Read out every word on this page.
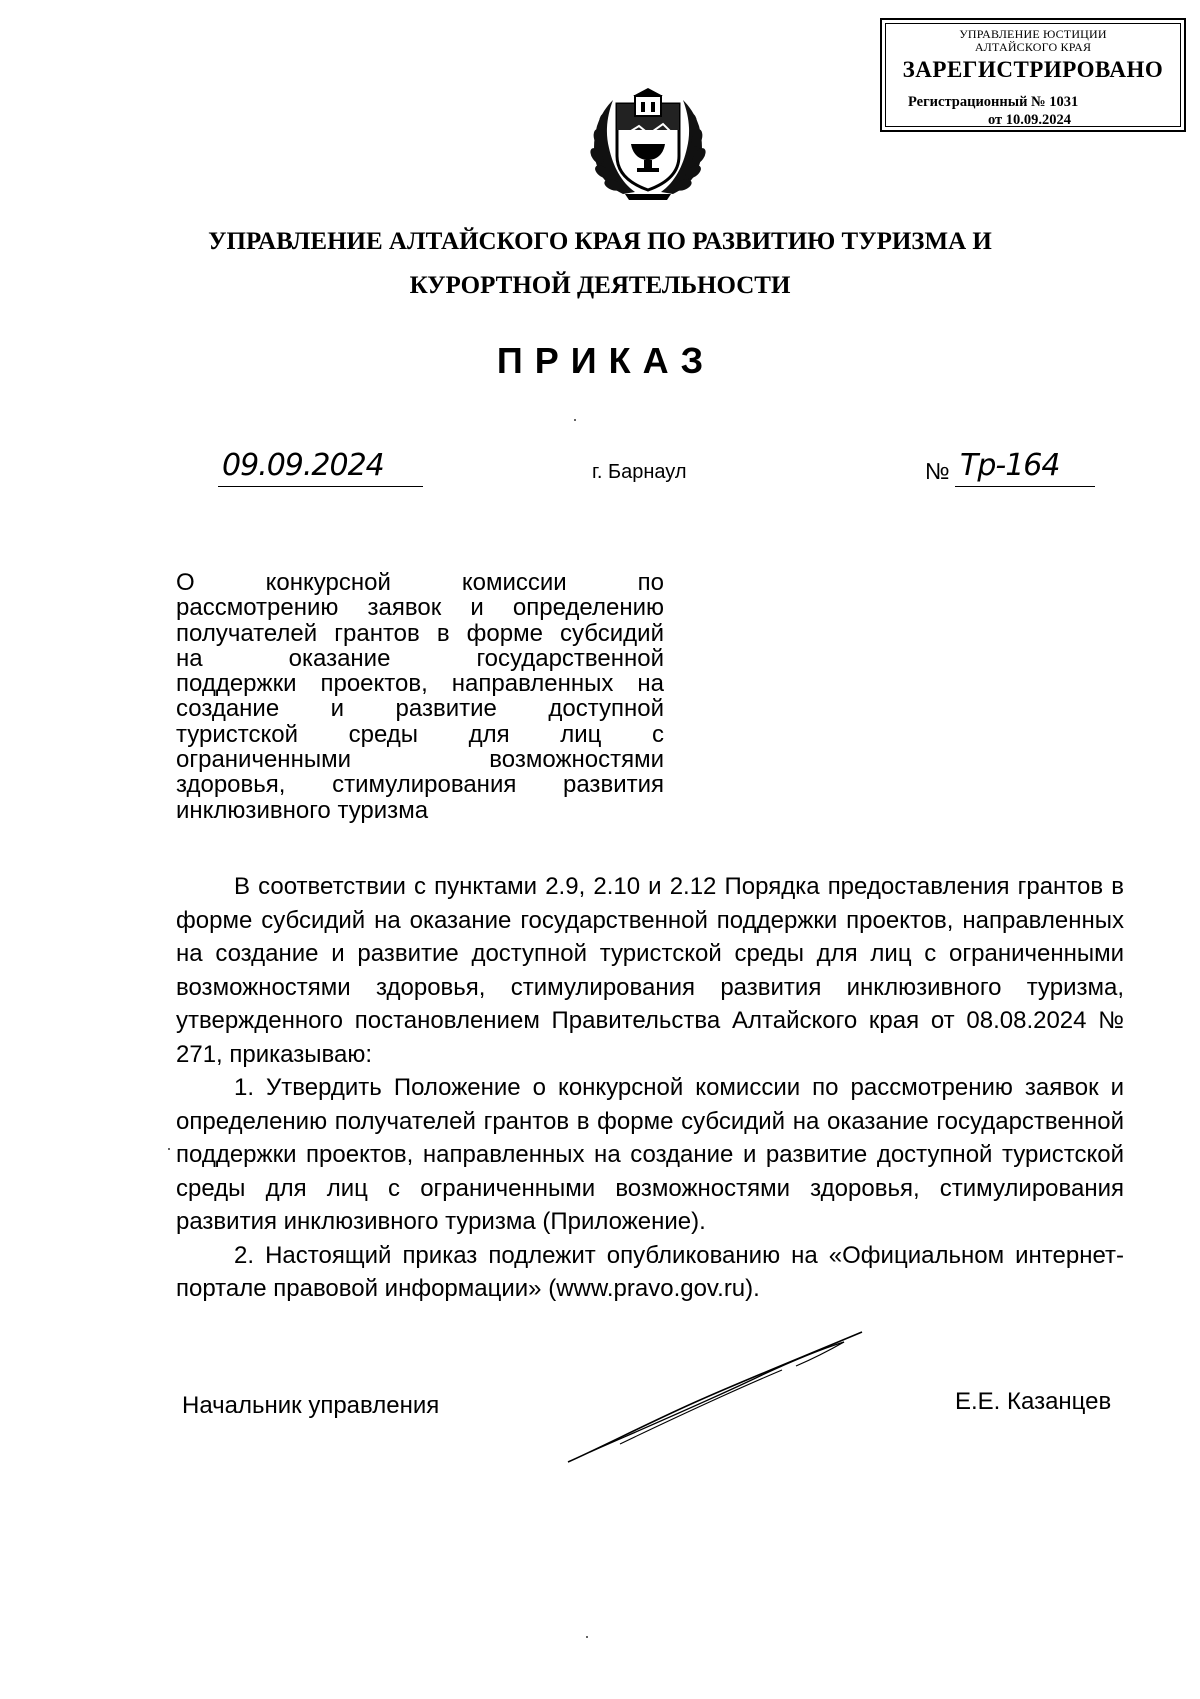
УПРАВЛЕНИЕ ЮСТИЦИИ
АЛТАЙСКОГО КРАЯ
ЗАРЕГИСТРИРОВАНО
Регистрационный № 1031
от 10.09.2024
УПРАВЛЕНИЕ АЛТАЙСКОГО КРАЯ ПО РАЗВИТИЮ ТУРИЗМА И
КУРОРТНОЙ ДЕЯТЕЛЬНОСТИ
ПРИКАЗ
09.09.2024	г. Барнаул	№ Тр-164
О конкурсной комиссии по
рассмотрению заявок и определению
получателей грантов в форме субсидий
на оказание государственной
поддержки проектов, направленных на
создание и развитие доступной
туристской среды для лиц с
ограниченными возможностями
здоровья, стимулирования развития
инклюзивного туризма

В соответствии с пунктами 2.9, 2.10 и 2.12 Порядка предоставления грантов в форме субсидий на оказание государственной поддержки проектов, направленных на создание и развитие доступной туристской среды для лиц с ограниченными возможностями здоровья, стимулирования развития инклюзивного туризма, утвержденного постановлением Правительства Алтайского края от 08.08.2024 № 271, приказываю:

1. Утвердить Положение о конкурсной комиссии по рассмотрению заявок и определению получателей грантов в форме субсидий на оказание государственной поддержки проектов, направленных на создание и развитие доступной туристской среды для лиц с ограниченными возможностями здоровья, стимулирования развития инклюзивного туризма (Приложение).

2. Настоящий приказ подлежит опубликованию на «Официальном интернет-портале правовой информации» (www.pravo.gov.ru).

Начальник управления	Е.Е. Казанцев
